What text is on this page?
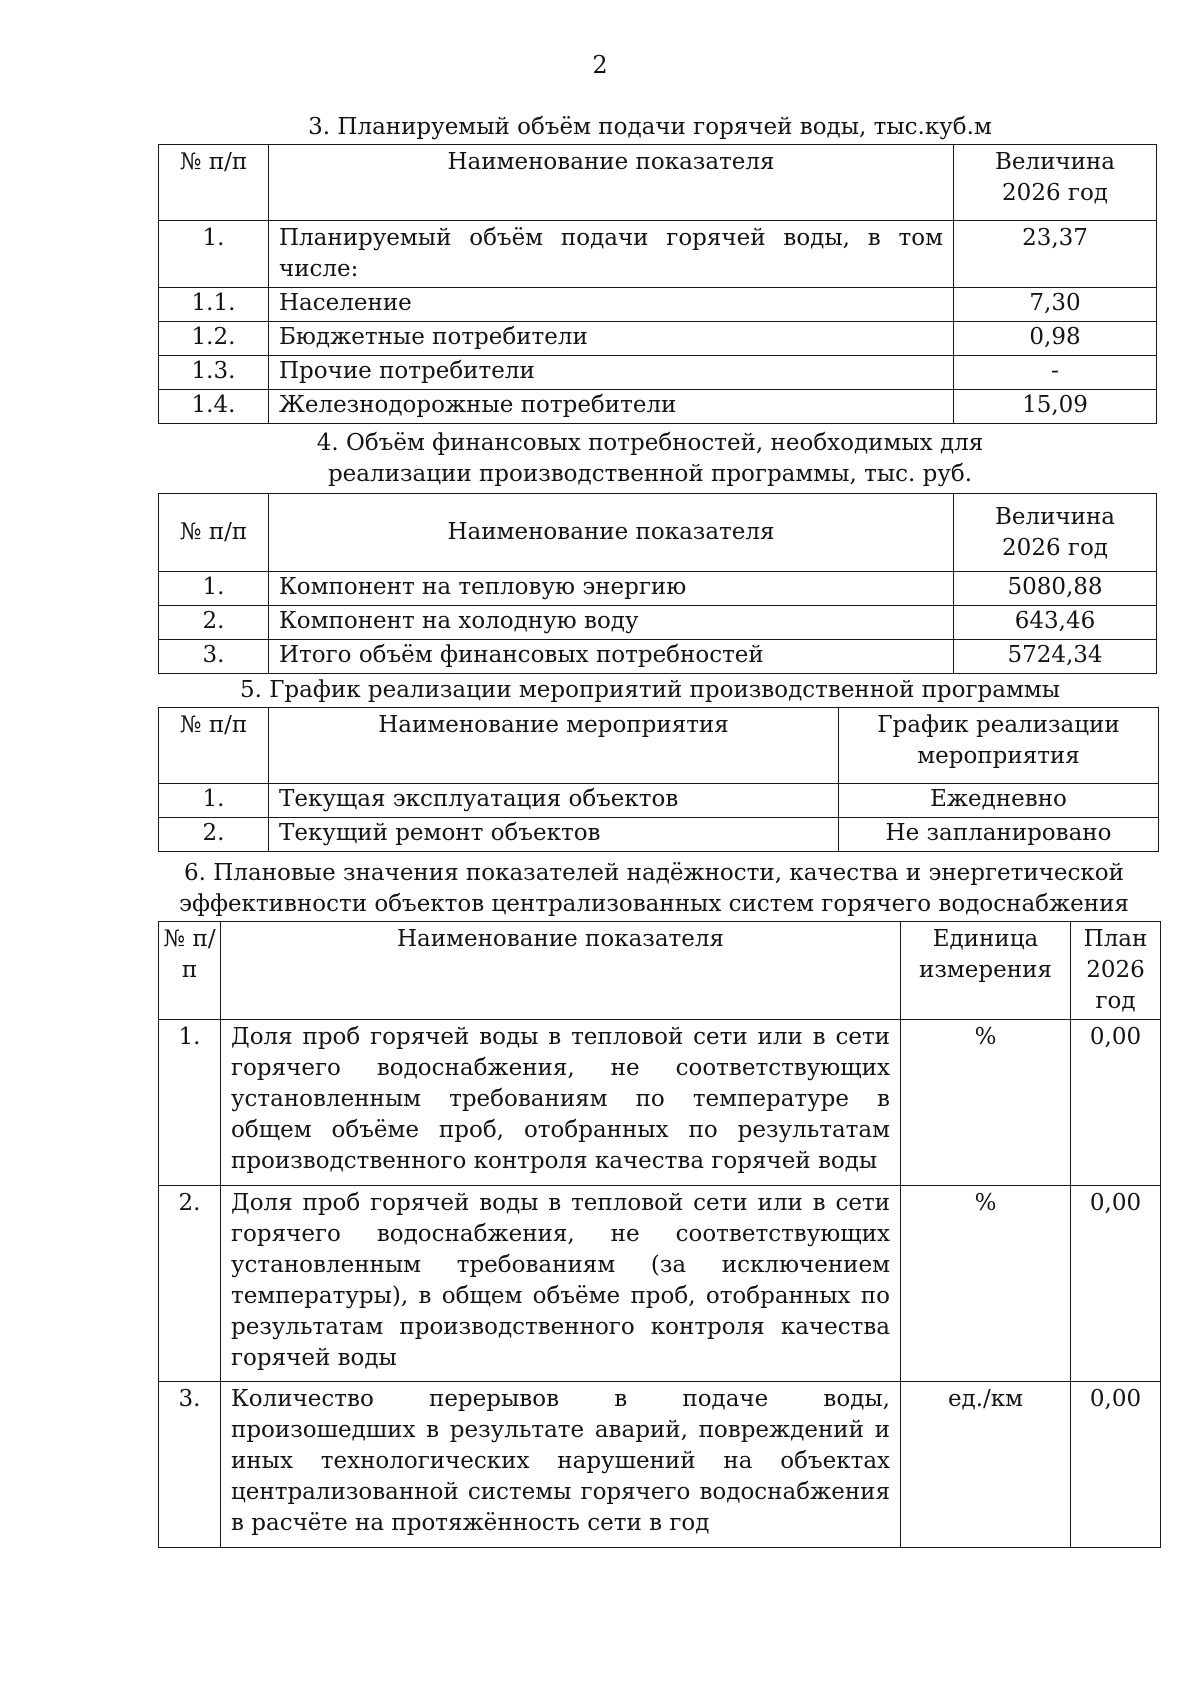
2
3. Планируемый объём подачи горячей воды, тыс.куб.м
№ п/п	Наименование показателя	Величина 2026 год
1.	Планируемый объём подачи горячей воды, в том числе:	23,37
1.1.	Население	7,30
1.2.	Бюджетные потребители	0,98
1.3.	Прочие потребители	-
1.4.	Железнодорожные потребители	15,09
4. Объём финансовых потребностей, необходимых для реализации производственной программы, тыс. руб.
№ п/п	Наименование показателя	Величина 2026 год
1.	Компонент на тепловую энергию	5080,88
2.	Компонент на холодную воду	643,46
3.	Итого объём финансовых потребностей	5724,34
5. График реализации мероприятий производственной программы
№ п/п	Наименование мероприятия	График реализации мероприятия
1.	Текущая эксплуатация объектов	Ежедневно
2.	Текущий ремонт объектов	Не запланировано
6. Плановые значения показателей надёжности, качества и энергетической эффективности объектов централизованных систем горячего водоснабжения
№ п/п	Наименование показателя	Единица измерения	План 2026 год
1.	Доля проб горячей воды в тепловой сети или в сети горячего водоснабжения, не соответствующих установленным требованиям по температуре в общем объёме проб, отобранных по результатам производственного контроля качества горячей воды	%	0,00
2.	Доля проб горячей воды в тепловой сети или в сети горячего водоснабжения, не соответствующих установленным требованиям (за исключением температуры), в общем объёме проб, отобранных по результатам производственного контроля качества горячей воды	%	0,00
3.	Количество перерывов в подаче воды, произошедших в результате аварий, повреждений и иных технологических нарушений на объектах централизованной системы горячего водоснабжения в расчёте на протяжённость сети в год	ед./км	0,00
